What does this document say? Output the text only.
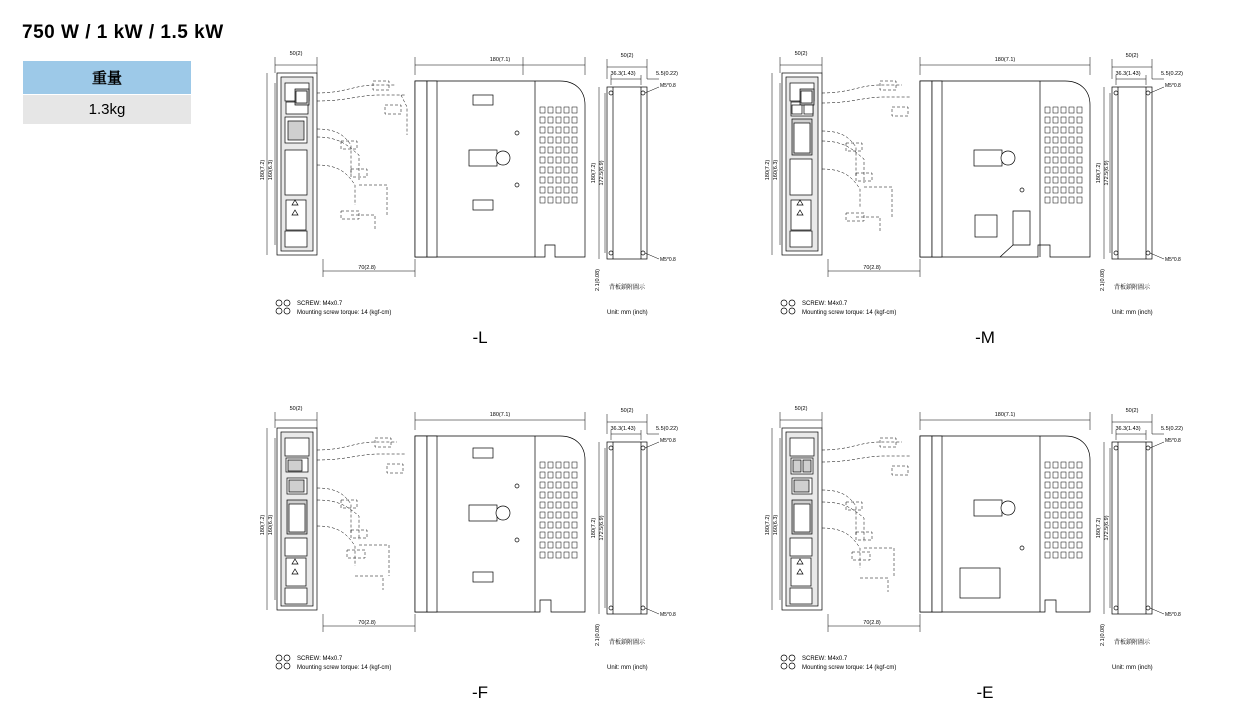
750 W / 1 kW / 1.5 kW
重量
1.3kg
50(2)
180(7.2) 160(6.3)
70(2.8)
180(7.1)
50(2)
36.3(1.43)	5.5(0.22)
M5*0.8
M5*0.8
180(7.2) 172.5(6.9)
2.1(0.08) 背板鎖附圖示
SCREW: M4x0.7
Mounting screw torque: 14 (kgf-cm)	Unit: mm (inch)
-L
50(2)
180(7.2) 160(6.3)
70(2.8)
180(7.1)
50(2)
36.3(1.43)	5.5(0.22)
M5*0.8
M5*0.8
180(7.2) 172.5(6.9)
2.1(0.08) 背板鎖附圖示
SCREW: M4x0.7
Mounting screw torque: 14 (kgf-cm)	Unit: mm (inch)
-M
50(2)
180(7.2) 160(6.3)
70(2.8)
180(7.1)
50(2)
36.3(1.43)	5.5(0.22)
M5*0.8
M5*0.8
180(7.2) 172.5(6.9)
2.1(0.08) 背板鎖附圖示
SCREW: M4x0.7
Mounting screw torque: 14 (kgf-cm)	Unit: mm (inch)
-F
50(2)
180(7.2) 160(6.3)
70(2.8)
180(7.1)
50(2)
36.3(1.43)	5.5(0.22)
M5*0.8
M5*0.8
180(7.2) 172.5(6.9)
2.1(0.08) 背板鎖附圖示
SCREW: M4x0.7
Mounting screw torque: 14 (kgf-cm)	Unit: mm (inch)
-E
